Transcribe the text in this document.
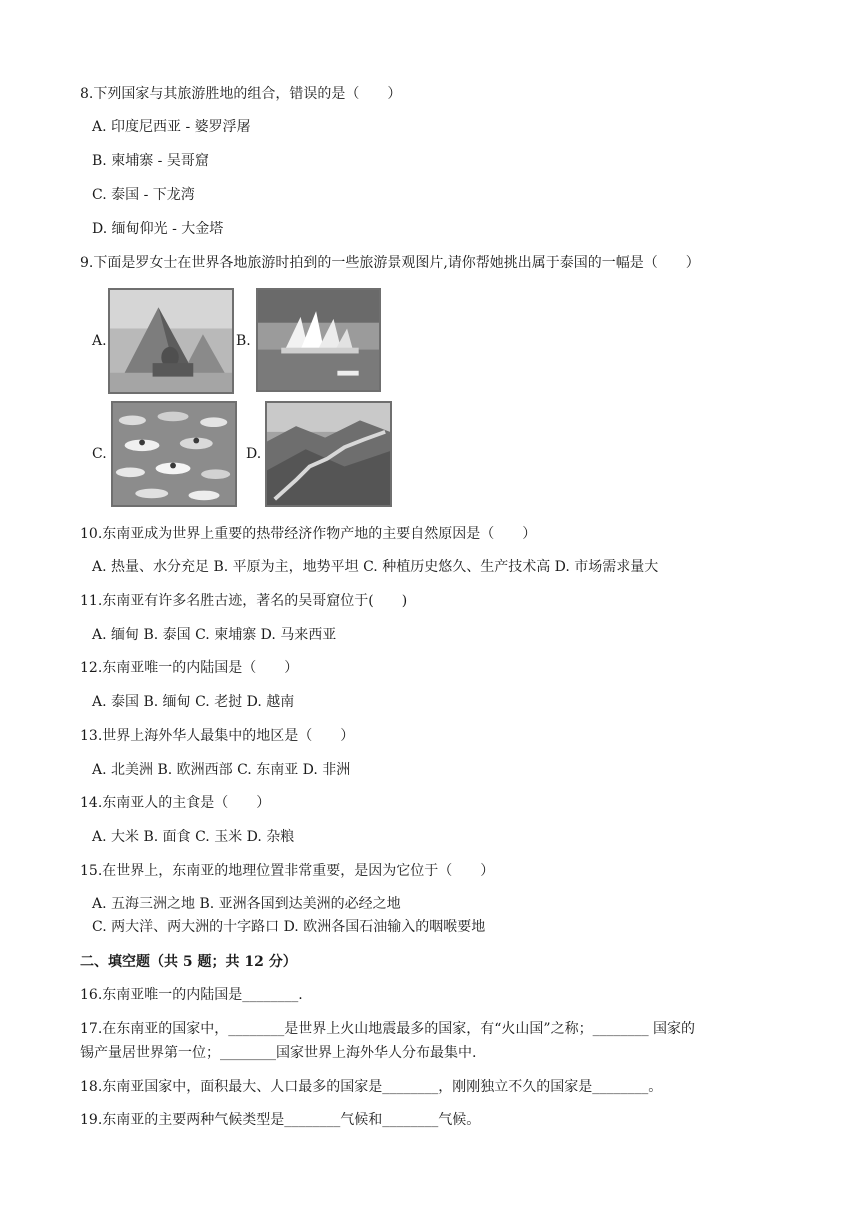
8.下列国家与其旅游胜地的组合，错误的是（　　）
A. 印度尼西亚 - 婆罗浮屠
B. 柬埔寨 - 吴哥窟
C. 泰国 - 下龙湾
D. 缅甸仰光 - 大金塔
9.下面是罗女士在世界各地旅游时拍到的一些旅游景观图片,请你帮她挑出属于泰国的一幅是（　　）
A.	B.
C.	D.
10.东南亚成为世界上重要的热带经济作物产地的主要自然原因是（　　）
A. 热量、水分充足 B. 平原为主，地势平坦 C. 种植历史悠久、生产技术高 D. 市场需求量大
11.东南亚有许多名胜古迹，著名的吴哥窟位于(　　)
A. 缅甸 B. 泰国 C. 柬埔寨 D. 马来西亚
12.东南亚唯一的内陆国是（　　）
A. 泰国 B. 缅甸 C. 老挝 D. 越南
13.世界上海外华人最集中的地区是（　　）
A. 北美洲 B. 欧洲西部 C. 东南亚 D. 非洲
14.东南亚人的主食是（　　）
A. 大米 B. 面食 C. 玉米 D. 杂粮
15.在世界上，东南亚的地理位置非常重要，是因为它位于（　　）
A. 五海三洲之地 B. 亚洲各国到达美洲的必经之地
C. 两大洋、两大洲的十字路口 D. 欧洲各国石油输入的咽喉要地
二、填空题（共 5 题；共 12 分）
16.东南亚唯一的内陆国是________.
17.在东南亚的国家中，________是世界上火山地震最多的国家，有“火山国”之称；________ 国家的
锡产量居世界第一位；________国家世界上海外华人分布最集中.
18.东南亚国家中，面积最大、人口最多的国家是________，刚刚独立不久的国家是________。
19.东南亚的主要两种气候类型是________气候和________气候。
